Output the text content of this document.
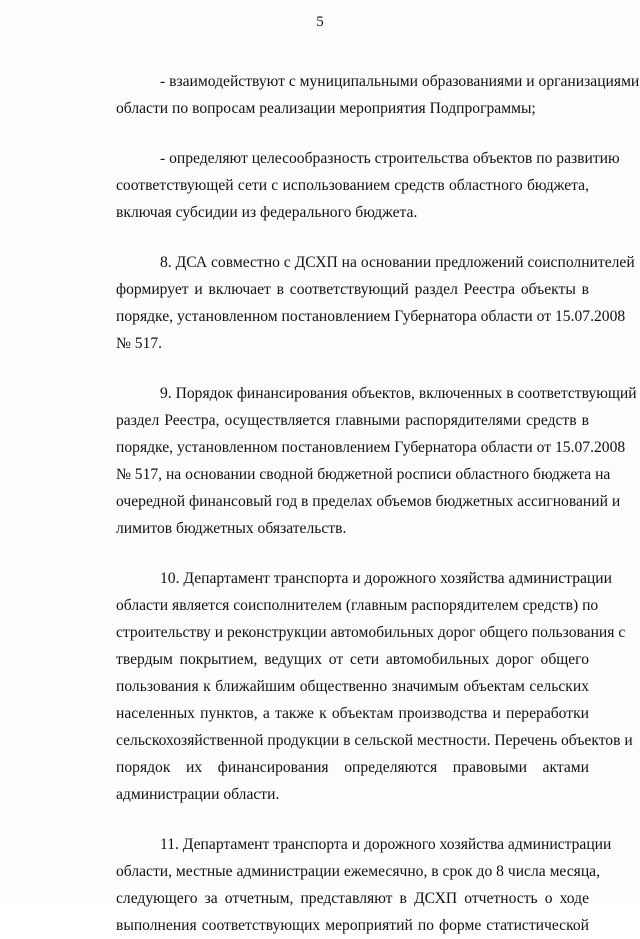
5
- взаимодействуют с муниципальными образованиями и организациями
области по вопросам реализации мероприятия Подпрограммы;
- определяют целесообразность строительства объектов по развитию
соответствующей сети с использованием средств областного бюджета,
включая субсидии из федерального бюджета.
8. ДСА совместно с ДСХП на основании предложений соисполнителей
формирует и включает в соответствующий раздел Реестра объекты в
порядке, установленном постановлением Губернатора области от 15.07.2008
№ 517.
9. Порядок финансирования объектов, включенных в соответствующий
раздел Реестра, осуществляется главными распорядителями средств в
порядке, установленном постановлением Губернатора области от 15.07.2008
№ 517, на основании сводной бюджетной росписи областного бюджета на
очередной финансовый год в пределах объемов бюджетных ассигнований и
лимитов бюджетных обязательств.
10. Департамент транспорта и дорожного хозяйства администрации
области является соисполнителем (главным распорядителем средств) по
строительству и реконструкции автомобильных дорог общего пользования с
твердым покрытием, ведущих от сети автомобильных дорог общего
пользования к ближайшим общественно значимым объектам сельских
населенных пунктов, а также к объектам производства и переработки
сельскохозяйственной продукции в сельской местности. Перечень объектов и
порядок их финансирования определяются правовыми актами
администрации области.
11. Департамент транспорта и дорожного хозяйства администрации
области, местные администрации ежемесячно, в срок до 8 числа месяца,
следующего за отчетным, представляют в ДСХП отчетность о ходе
выполнения соответствующих мероприятий по форме статистической
